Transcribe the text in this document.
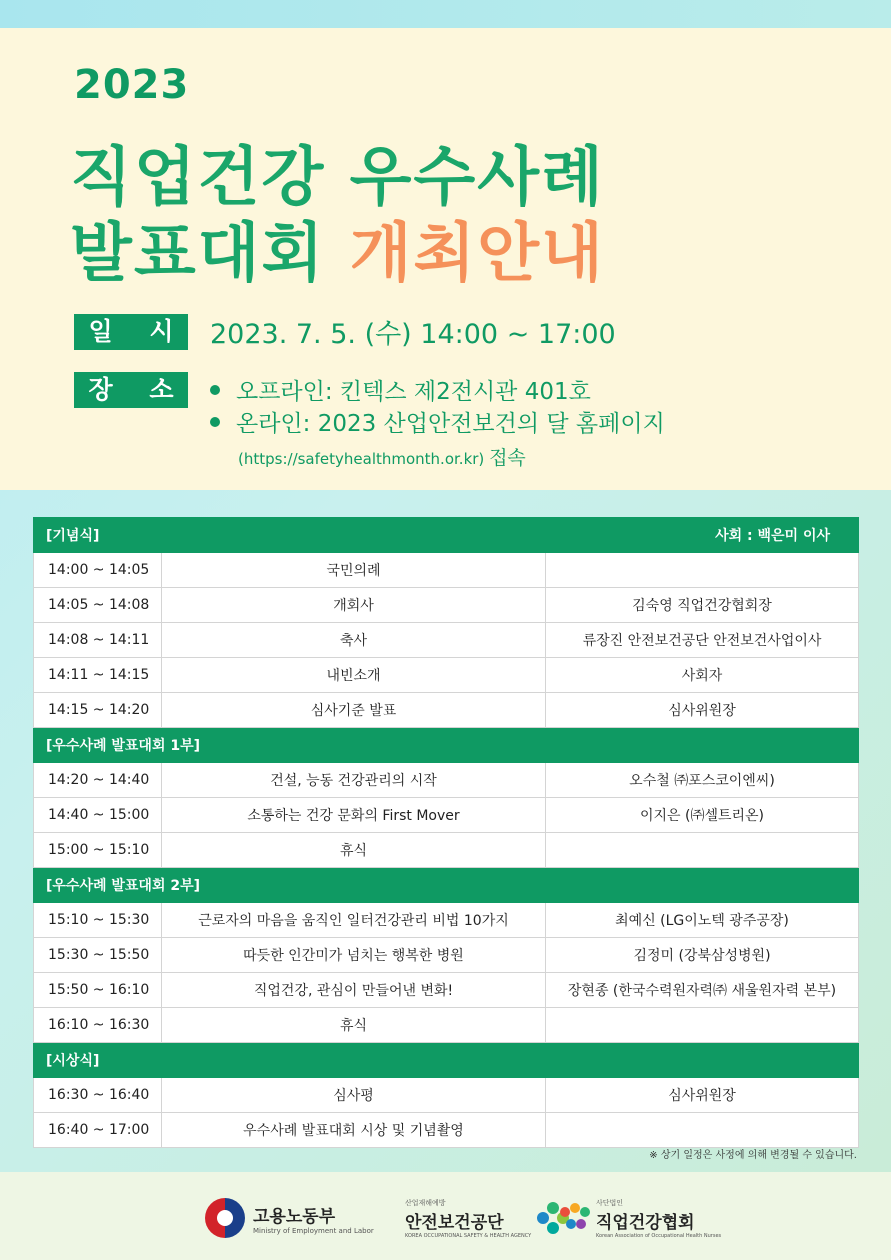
2023
직업건강 우수사례
발표대회 개최안내
일 시 2023. 7. 5. (수) 14:00 ~ 17:00
장 소	오프라인: 킨텍스 제2전시관 401호
온라인: 2023 산업안전보건의 달 홈페이지
(https://safetyhealthmonth.or.kr) 접속
[기념식]		사회 : 백은미 이사
14:00 ~ 14:05	국민의례	
14:05 ~ 14:08	개회사	김숙영 직업건강협회장
14:08 ~ 14:11	축사	류장진 안전보건공단 안전보건사업이사
14:11 ~ 14:15	내빈소개	사회자
14:15 ~ 14:20	심사기준 발표	심사위원장
[우수사례 발표대회 1부]		
14:20 ~ 14:40	건설, 능동 건강관리의 시작	오수철 ㈜포스코이엔씨)
14:40 ~ 15:00	소통하는 건강 문화의 First Mover	이지은 (㈜셀트리온)
15:00 ~ 15:10	휴식	
[우수사례 발표대회 2부]		
15:10 ~ 15:30	근로자의 마음을 움직인 일터건강관리 비법 10가지	최예신 (LG이노텍 광주공장)
15:30 ~ 15:50	따듯한 인간미가 넘치는 행복한 병원	김정미 (강북삼성병원)
15:50 ~ 16:10	직업건강, 관심이 만들어낸 변화!	장현종 (한국수력원자력㈜ 새울원자력 본부)
16:10 ~ 16:30	휴식	
[시상식]		
16:30 ~ 16:40	심사평	심사위원장
16:40 ~ 17:00	우수사례 발표대회 시상 및 기념촬영	
※ 상기 일정은 사정에 의해 변경될 수 있습니다.
고용노동부
Ministry of Employment and Labor
산업재해예방
안전보건공단
KOREA OCCUPATIONAL SAFETY & HEALTH AGENCY
사단법인
직업건강협회
Korean Association of Occupational Health Nurses
